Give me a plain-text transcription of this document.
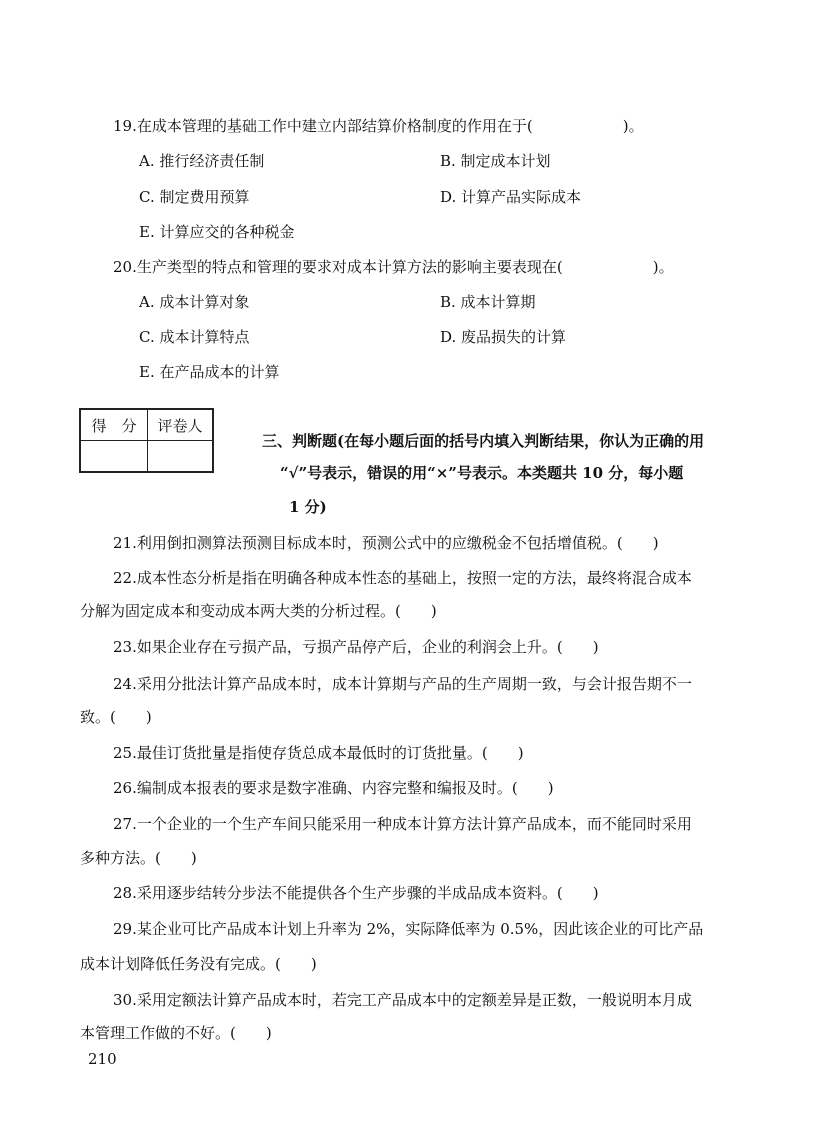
19.在成本管理的基础工作中建立内部结算价格制度的作用在于(　　　　　　)。
A. 推行经济责任制	B. 制定成本计划
C. 制定费用预算	D. 计算产品实际成本
E. 计算应交的各种税金
20.生产类型的特点和管理的要求对成本计算方法的影响主要表现在(　　　　　　)。
A. 成本计算对象	B. 成本计算期
C. 成本计算特点	D. 废品损失的计算
E. 在产品成本的计算
得　分	评卷人

三、判断题(在每小题后面的括号内填入判断结果，你认为正确的用
“√”号表示，错误的用“×”号表示。本类题共 10 分，每小题
1 分)
21.利用倒扣测算法预测目标成本时，预测公式中的应缴税金不包括增值税。(　　)
22.成本性态分析是指在明确各种成本性态的基础上，按照一定的方法，最终将混合成本
分解为固定成本和变动成本两大类的分析过程。(　　)
23.如果企业存在亏损产品，亏损产品停产后，企业的利润会上升。(　　)
24.采用分批法计算产品成本时，成本计算期与产品的生产周期一致，与会计报告期不一
致。(　　)
25.最佳订货批量是指使存货总成本最低时的订货批量。(　　)
26.编制成本报表的要求是数字准确、内容完整和编报及时。(　　)
27.一个企业的一个生产车间只能采用一种成本计算方法计算产品成本，而不能同时采用
多种方法。(　　)
28.采用逐步结转分步法不能提供各个生产步骤的半成品成本资料。(　　)
29.某企业可比产品成本计划上升率为 2%，实际降低率为 0.5%，因此该企业的可比产品
成本计划降低任务没有完成。(　　)
30.采用定额法计算产品成本时，若完工产品成本中的定额差异是正数，一般说明本月成
本管理工作做的不好。(　　)
210
